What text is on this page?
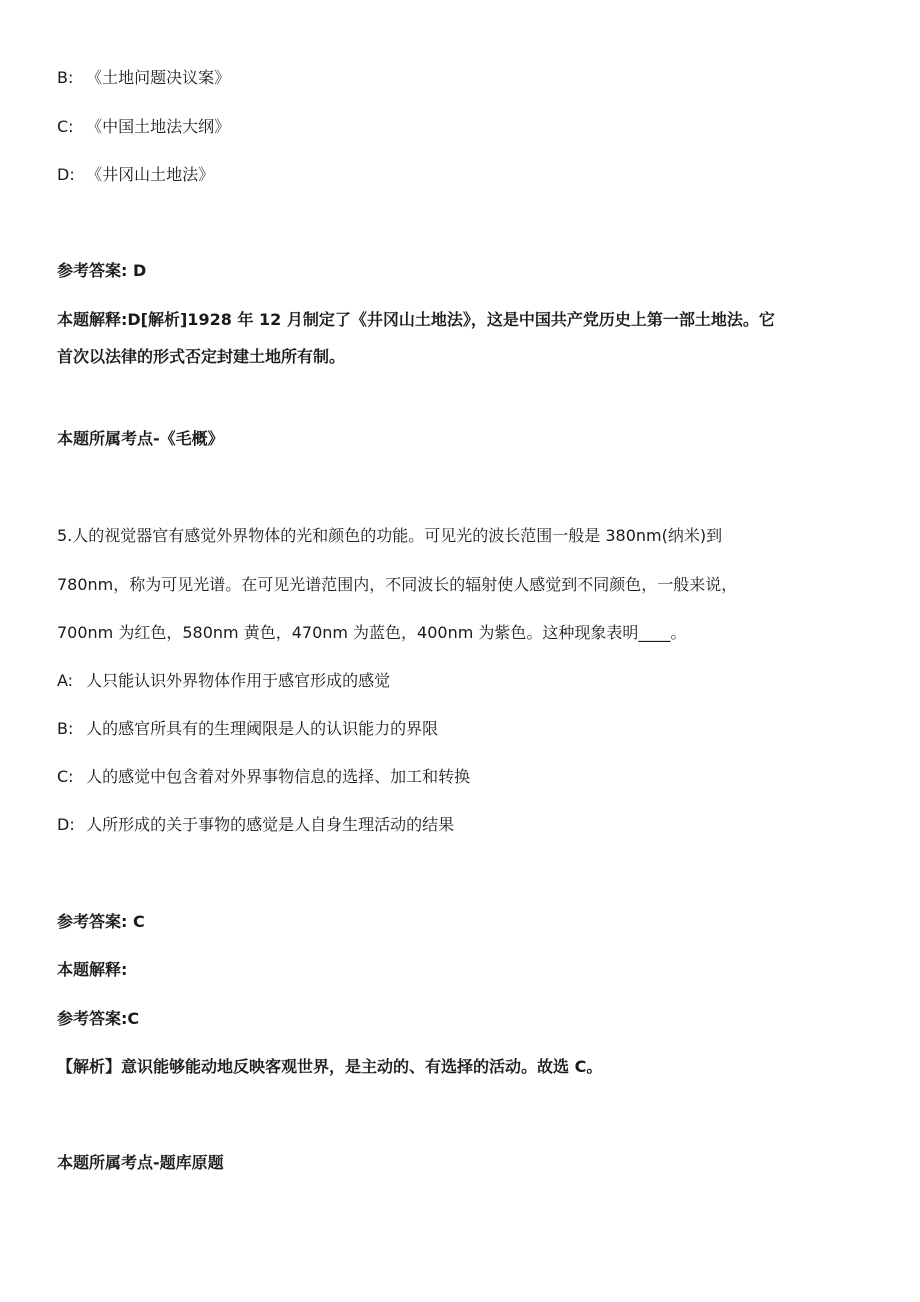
B: 《土地问题决议案》
C: 《中国土地法大纲》
D: 《井冈山土地法》
参考答案: D
本题解释:D[解析]1928 年 12 月制定了《井冈山土地法》，这是中国共产党历史上第一部土地法。它
首次以法律的形式否定封建土地所有制。
本题所属考点-《毛概》
5.人的视觉器官有感觉外界物体的光和颜色的功能。可见光的波长范围一般是 380nm(纳米)到
780nm，称为可见光谱。在可见光谱范围内，不同波长的辐射使人感觉到不同颜色，一般来说，
700nm 为红色，580nm 黄色，470nm 为蓝色，400nm 为紫色。这种现象表明____。
A: 人只能认识外界物体作用于感官形成的感觉
B: 人的感官所具有的生理阈限是人的认识能力的界限
C: 人的感觉中包含着对外界事物信息的选择、加工和转换
D: 人所形成的关于事物的感觉是人自身生理活动的结果
参考答案: C
本题解释:
参考答案:C
【解析】意识能够能动地反映客观世界，是主动的、有选择的活动。故选 C。
本题所属考点-题库原题
